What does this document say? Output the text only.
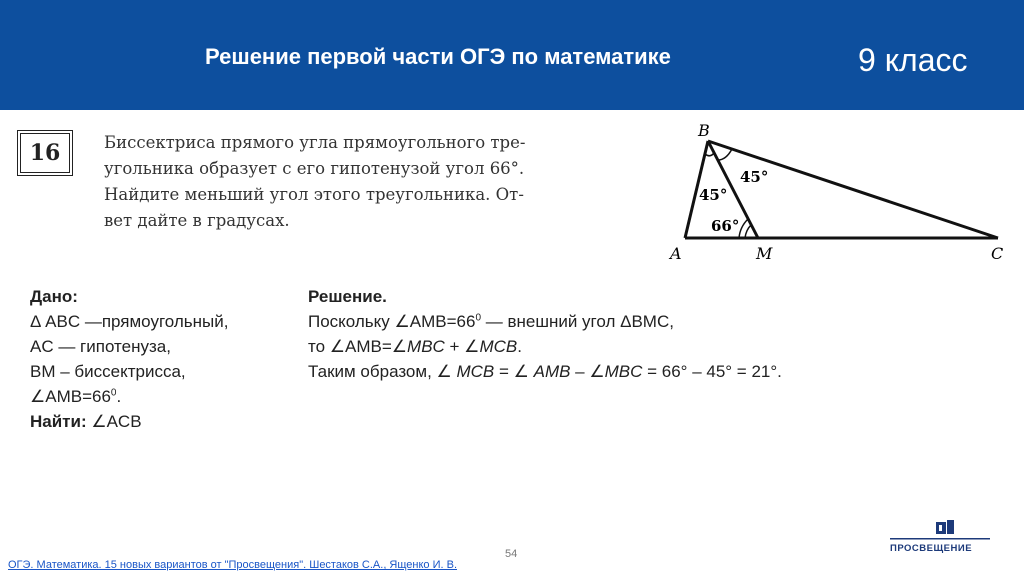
Решение первой части ОГЭ по математике	9 класс
16	Биссектриса прямого угла прямоугольного тре-
угольника образует с его гипотенузой угол 66°.
Найдите меньший угол этого треугольника. От-
вет дайте в градусах.
B
A	M	C
45°
45°
66°
Дано:
Δ ABC —прямоугольный,
AC — гипотенуза,
BM – биссектрисса,
$\angle AMB=66^0$.
Найти: ∠ACB
Решение.
Поскольку $\angle AMB=66^0$ — внешний угол ΔBMC,
то ∠AMB=∠MBC + ∠MCB.
Таким образом, ∠ MCB = ∠ AMB – ∠MBC = 66° – 45° = 21°.
54
ОГЭ. Математика. 15 новых вариантов от "Просвещения". Шестаков С.А., Ященко И. В.
ПРОСВЕЩЕНИЕ
